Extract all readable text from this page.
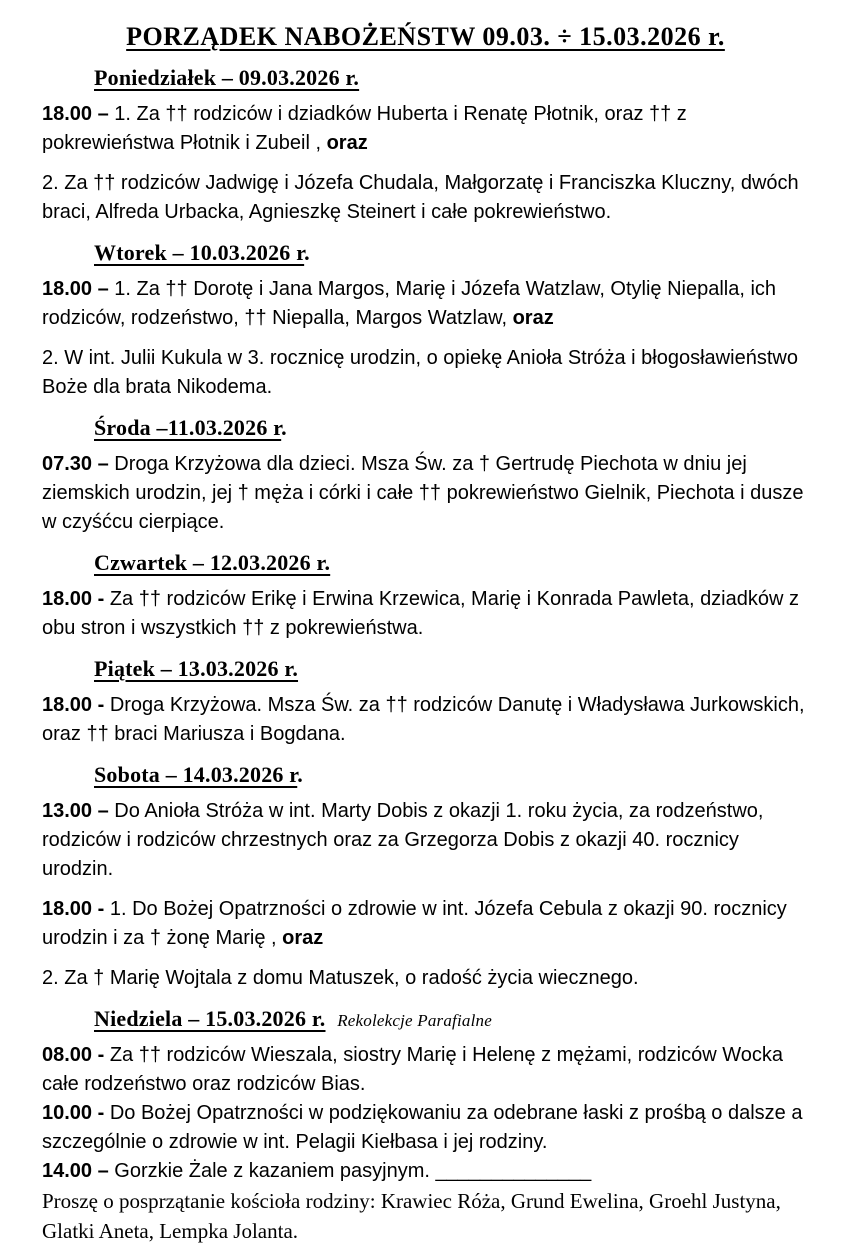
PORZĄDEK NABOŻEŃSTW 09.03. ÷ 15.03.2026 r.
Poniedziałek – 09.03.2026 r.

18.00 – 1. Za †† rodziców i dziadków Huberta i Renatę Płotnik, oraz †† z pokrewieństwa Płotnik i Zubeil , oraz

2. Za †† rodziców Jadwigę i Józefa Chudala, Małgorzatę i Franciszka Kluczny, dwóch braci, Alfreda Urbacka, Agnieszkę Steinert i całe pokrewieństwo.

Wtorek – 10.03.2026 r.

18.00 – 1. Za †† Dorotę i Jana Margos, Marię i Józefa Watzlaw, Otylię Niepalla, ich rodziców, rodzeństwo, †† Niepalla, Margos Watzlaw, oraz

2. W int. Julii Kukula w 3. rocznicę urodzin, o opiekę Anioła Stróża i błogosławieństwo Boże dla brata Nikodema.

Środa –11.03.2026 r.

07.30 – Droga Krzyżowa dla dzieci. Msza Św. za † Gertrudę Piechota w dniu jej ziemskich urodzin, jej † męża i córki i całe †† pokrewieństwo Gielnik, Piechota i dusze w czyśćcu cierpiące.

Czwartek – 12.03.2026 r.

18.00 - Za †† rodziców Erikę i Erwina Krzewica, Marię i Konrada Pawleta, dziadków z obu stron i wszystkich †† z pokrewieństwa.

Piątek – 13.03.2026 r.

18.00 - Droga Krzyżowa. Msza Św. za †† rodziców Danutę i Władysława Jurkowskich, oraz †† braci Mariusza i Bogdana.

Sobota – 14.03.2026 r.

13.00 – Do Anioła Stróża w int. Marty Dobis z okazji 1. roku życia, za rodzeństwo, rodziców i rodziców chrzestnych oraz za Grzegorza Dobis z okazji 40. rocznicy urodzin.

18.00 - 1. Do Bożej Opatrzności o zdrowie w int. Józefa Cebula z okazji 90. rocznicy urodzin i za † żonę Marię , oraz

2. Za † Marię Wojtala z domu Matuszek, o radość życia wiecznego.

Niedziela – 15.03.2026 r. Rekolekcje Parafialne

08.00 - Za †† rodziców Wieszala, siostry Marię i Helenę z mężami, rodziców Wocka całe rodzeństwo oraz rodziców Bias.

10.00 - Do Bożej Opatrzności w podziękowaniu za odebrane łaski z prośbą o dalsze a szczególnie o zdrowie w int. Pelagii Kiełbasa i jej rodziny.

14.00 – Gorzkie Żale z kazaniem pasyjnym. ______________

Proszę o posprzątanie kościoła rodziny: Krawiec Róża, Grund Ewelina, Groehl Justyna, Glatki Aneta, Lempka Jolanta.
